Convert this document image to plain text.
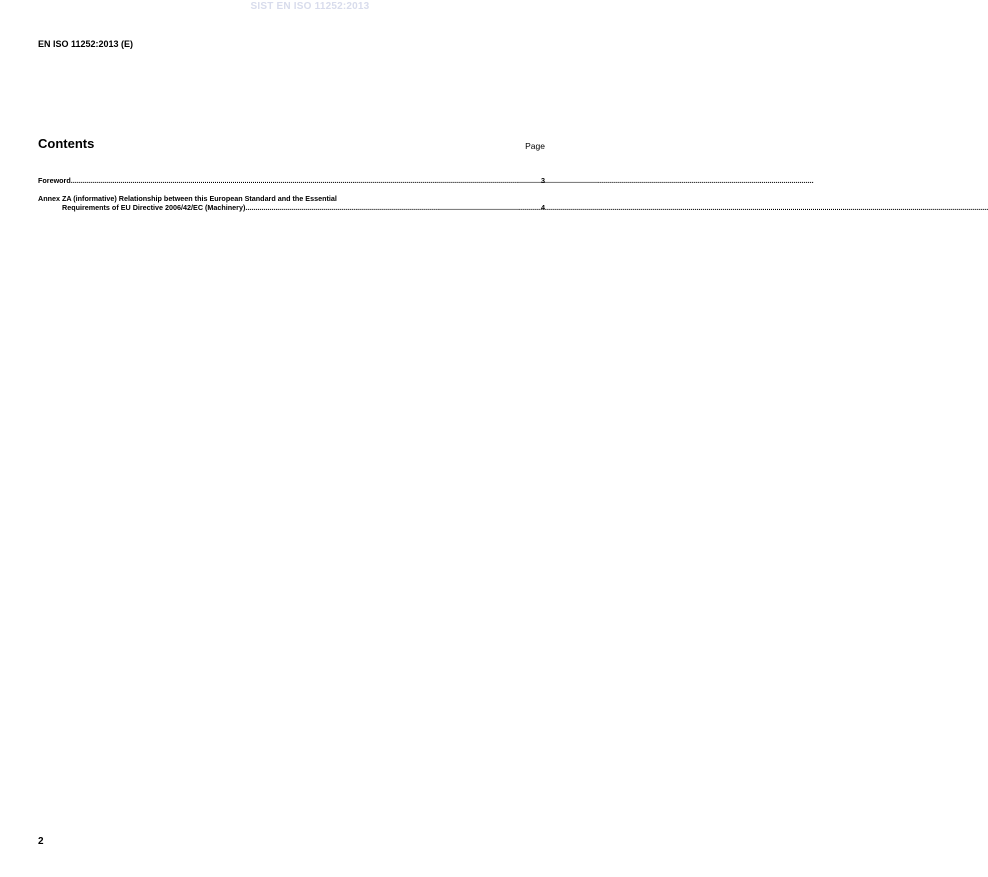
SIST EN ISO 11252:2013
EN ISO 11252:2013 (E)
Contents	Page
Foreword .....	3
Annex ZA (informative) Relationship between this European Standard and the Essential
Requirements of EU Directive 2006/42/EC (Machinery) .....	4
2
